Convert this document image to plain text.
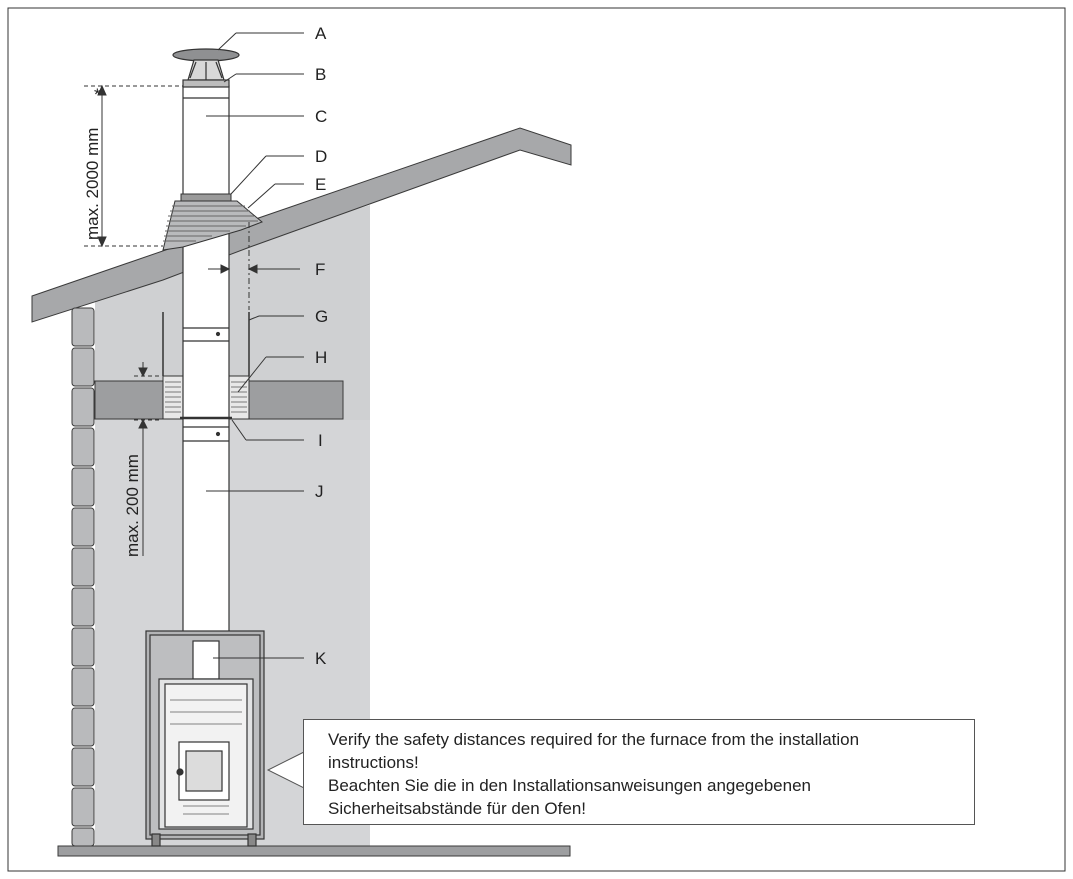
max. 2000 mm
*
max. 200 mm
A
B
C
D
E
F
G
H
I
J
K
Verify the safety distances required for the furnace from the installation
instructions!
Beachten Sie die in den Installationsanweisungen angegebenen
Sicherheitsabstände für den Ofen!
